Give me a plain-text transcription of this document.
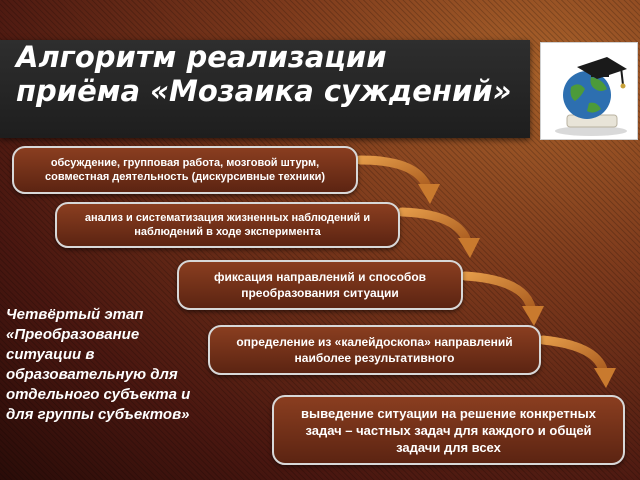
Алгоритм реализации приёма «Мозаика суждений»
обсуждение, групповая работа, мозговой штурм, совместная деятельность (дискурсивные техники)
анализ и систематизация жизненных наблюдений и наблюдений в ходе эксперимента
фиксация направлений и способов преобразования ситуации
определение из «калейдоскопа» направлений наиболее результативного
выведение ситуации на решение конкретных задач – частных задач для каждого и общей задачи для всех

Четвёртый этап «Преобразование ситуации в образовательную для отдельного субъекта и для группы субъектов»
